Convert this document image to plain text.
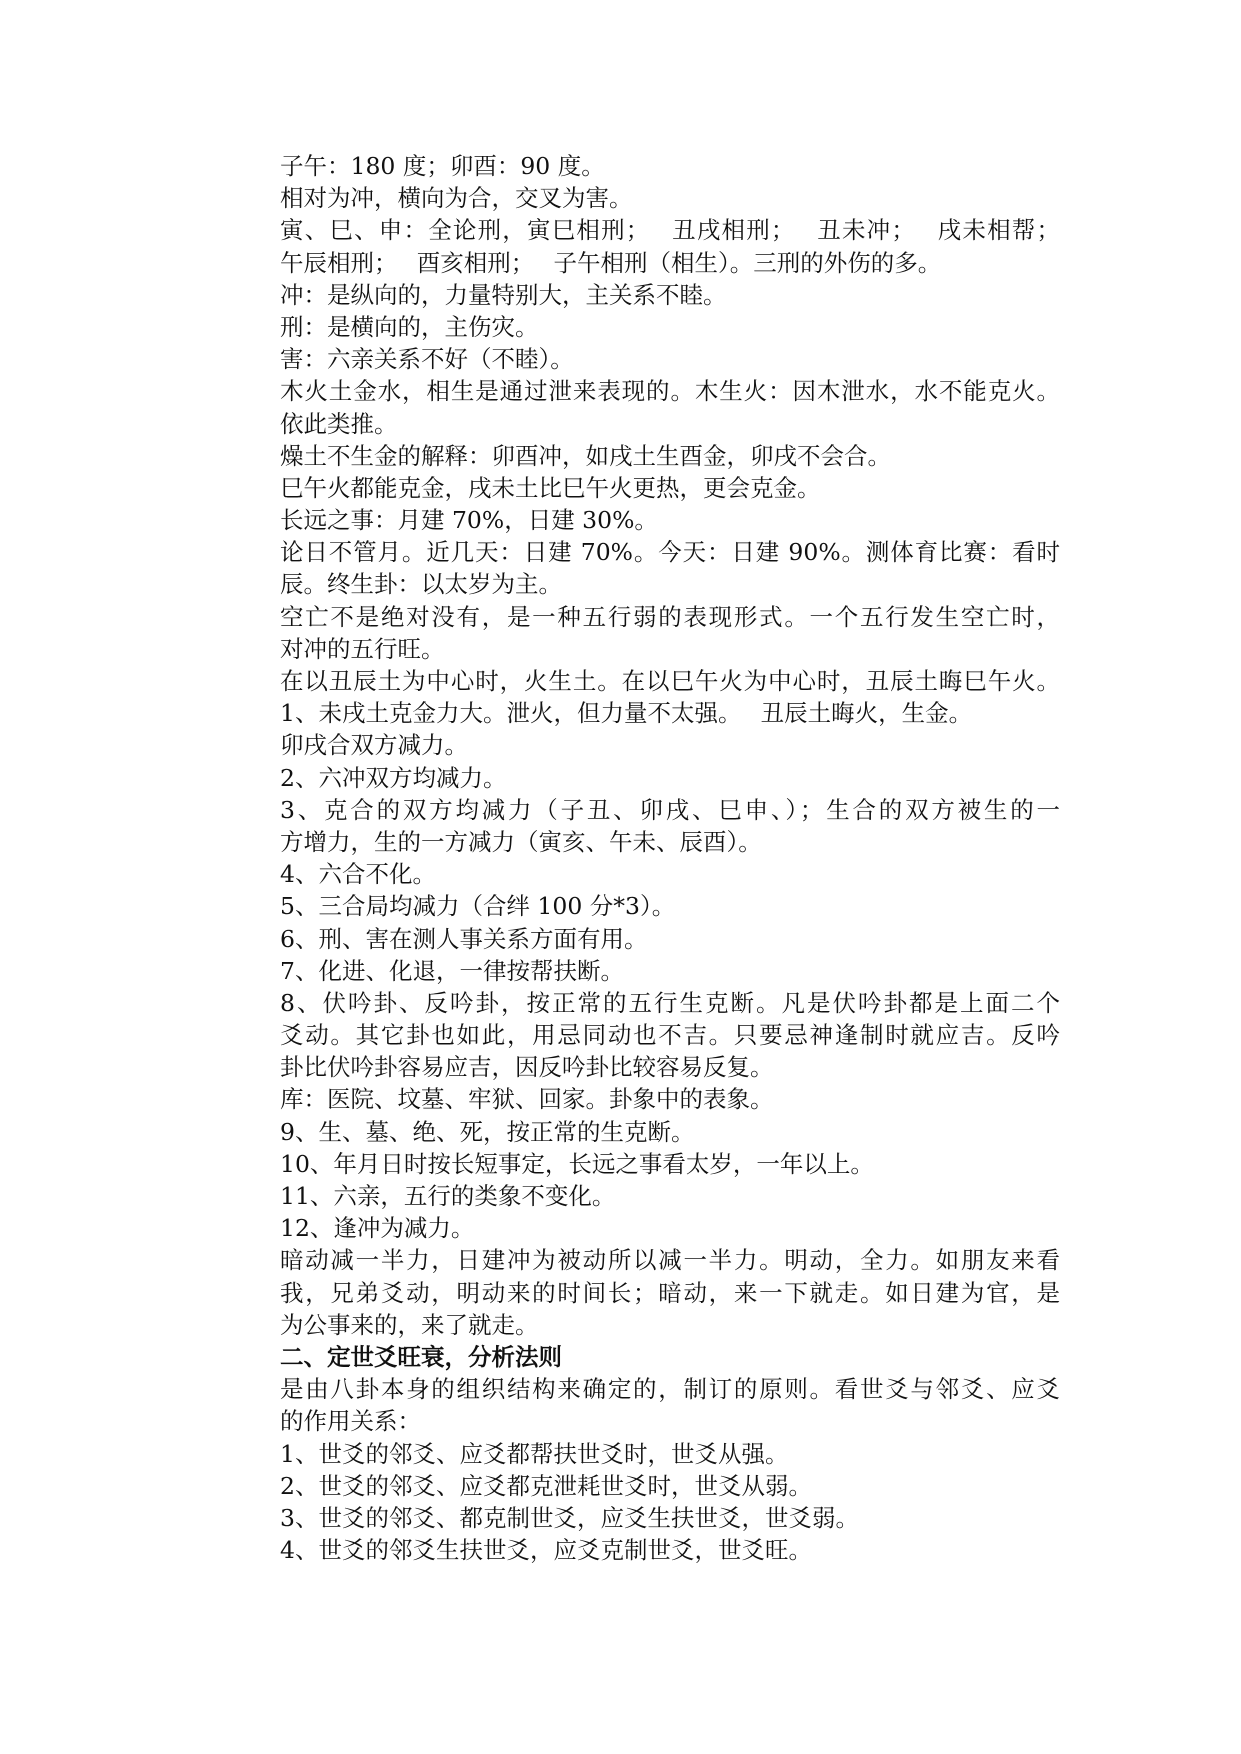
子午：180 度；卯酉：90 度。
相对为冲，横向为合，交叉为害。
寅、巳、申：全论刑，寅巳相刑；　 丑戌相刑；　 丑未冲；　 戌未相帮；
午辰相刑；　 酉亥相刑；　 子午相刑（相生）。三刑的外伤的多。
冲：是纵向的，力量特别大，主关系不睦。
刑：是横向的，主伤灾。
害：六亲关系不好（不睦）。
木火土金水，相生是通过泄来表现的。木生火：因木泄水，水不能克火。
依此类推。
燥土不生金的解释：卯酉冲，如戌土生酉金，卯戌不会合。
巳午火都能克金，戌未土比巳午火更热，更会克金。
长远之事：月建 70%，日建 30%。
论日不管月。近几天：日建 70%。今天：日建 90%。测体育比赛：看时
辰。终生卦：以太岁为主。
空亡不是绝对没有，是一种五行弱的表现形式。一个五行发生空亡时，
对冲的五行旺。
在以丑辰土为中心时，火生土。在以巳午火为中心时，丑辰土晦巳午火。
1、未戌土克金力大。泄火，但力量不太强。　 丑辰土晦火，生金。
卯戌合双方减力。
2、六冲双方均减力。
3、克合的双方均减力（子丑、卯戌、巳申、）；生合的双方被生的一
方增力，生的一方减力（寅亥、午未、辰酉）。
4、六合不化。
5、三合局均减力（合绊 100 分*3）。
6、刑、害在测人事关系方面有用。
7、化进、化退，一律按帮扶断。
8、伏吟卦、反吟卦，按正常的五行生克断。凡是伏吟卦都是上面二个
爻动。其它卦也如此，用忌同动也不吉。只要忌神逢制时就应吉。反吟
卦比伏吟卦容易应吉，因反吟卦比较容易反复。
库：医院、坟墓、牢狱、回家。卦象中的表象。
9、生、墓、绝、死，按正常的生克断。
10、年月日时按长短事定，长远之事看太岁，一年以上。
11、六亲，五行的类象不变化。
12、逢冲为减力。
暗动减一半力，日建冲为被动所以减一半力。明动，全力。如朋友来看
我，兄弟爻动，明动来的时间长；暗动，来一下就走。如日建为官，是
为公事来的，来了就走。
二、定世爻旺衰，分析法则
是由八卦本身的组织结构来确定的，制订的原则。看世爻与邻爻、应爻
的作用关系：
1、世爻的邻爻、应爻都帮扶世爻时，世爻从强。
2、世爻的邻爻、应爻都克泄耗世爻时，世爻从弱。
3、世爻的邻爻、都克制世爻，应爻生扶世爻，世爻弱。
4、世爻的邻爻生扶世爻，应爻克制世爻，世爻旺。
